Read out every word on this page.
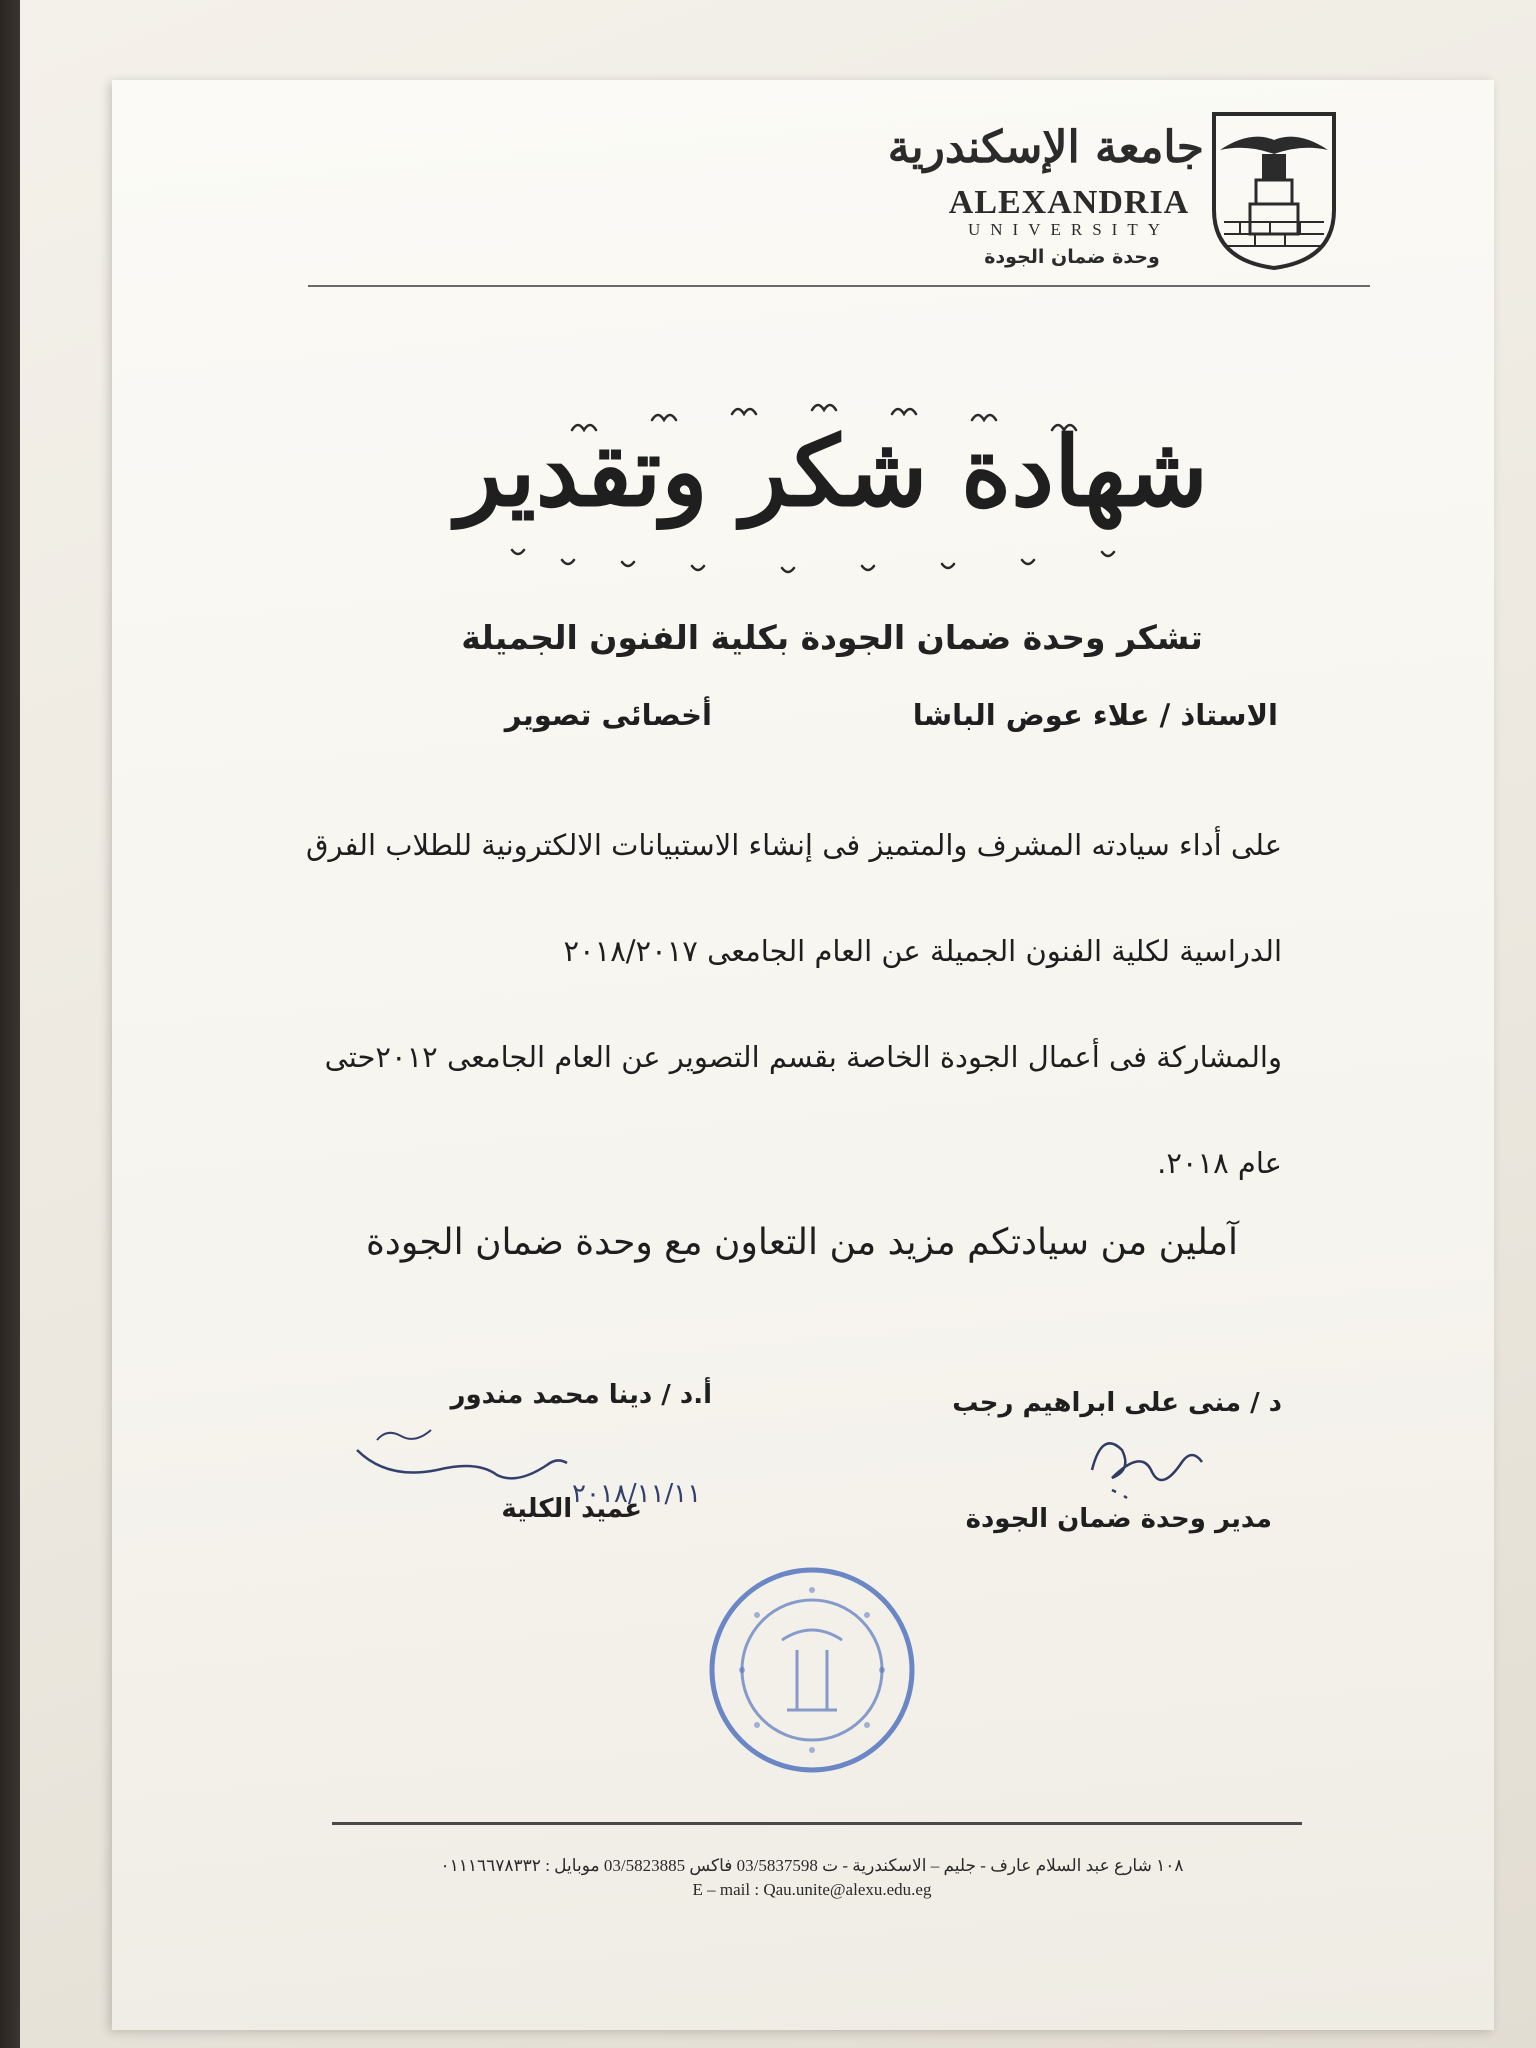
جامعة الإسكندرية
ALEXANDRIA
UNIVERSITY
وحدة ضمان الجودة
شهادة شكر وتقدير
تشكر وحدة ضمان الجودة بكلية الفنون الجميلة
الاستاذ / علاء عوض الباشا
أخصائى تصوير
على أداء سيادته المشرف والمتميز فى إنشاء الاستبيانات الالكترونية للطلاب الفرق
الدراسية لكلية الفنون الجميلة عن العام الجامعى ٢٠١٨/٢٠١٧
والمشاركة فى أعمال الجودة الخاصة بقسم التصوير عن العام الجامعى ٢٠١٢حتى
عام ٢٠١٨.
آملين من سيادتكم مزيد من التعاون مع وحدة ضمان الجودة
أ.د / دينا محمد مندور
٢٠١٨/١١/١١
عميد الكلية
د / منى على ابراهيم رجب
مدير وحدة ضمان الجودة
١٠٨ شارع عبد السلام عارف - جليم – الاسكندرية - ت 03/5837598 فاكس 03/5823885 موبايل : ٠١١١٦٦٧٨٣٣٢
E – mail : Qau.unite@alexu.edu.eg
